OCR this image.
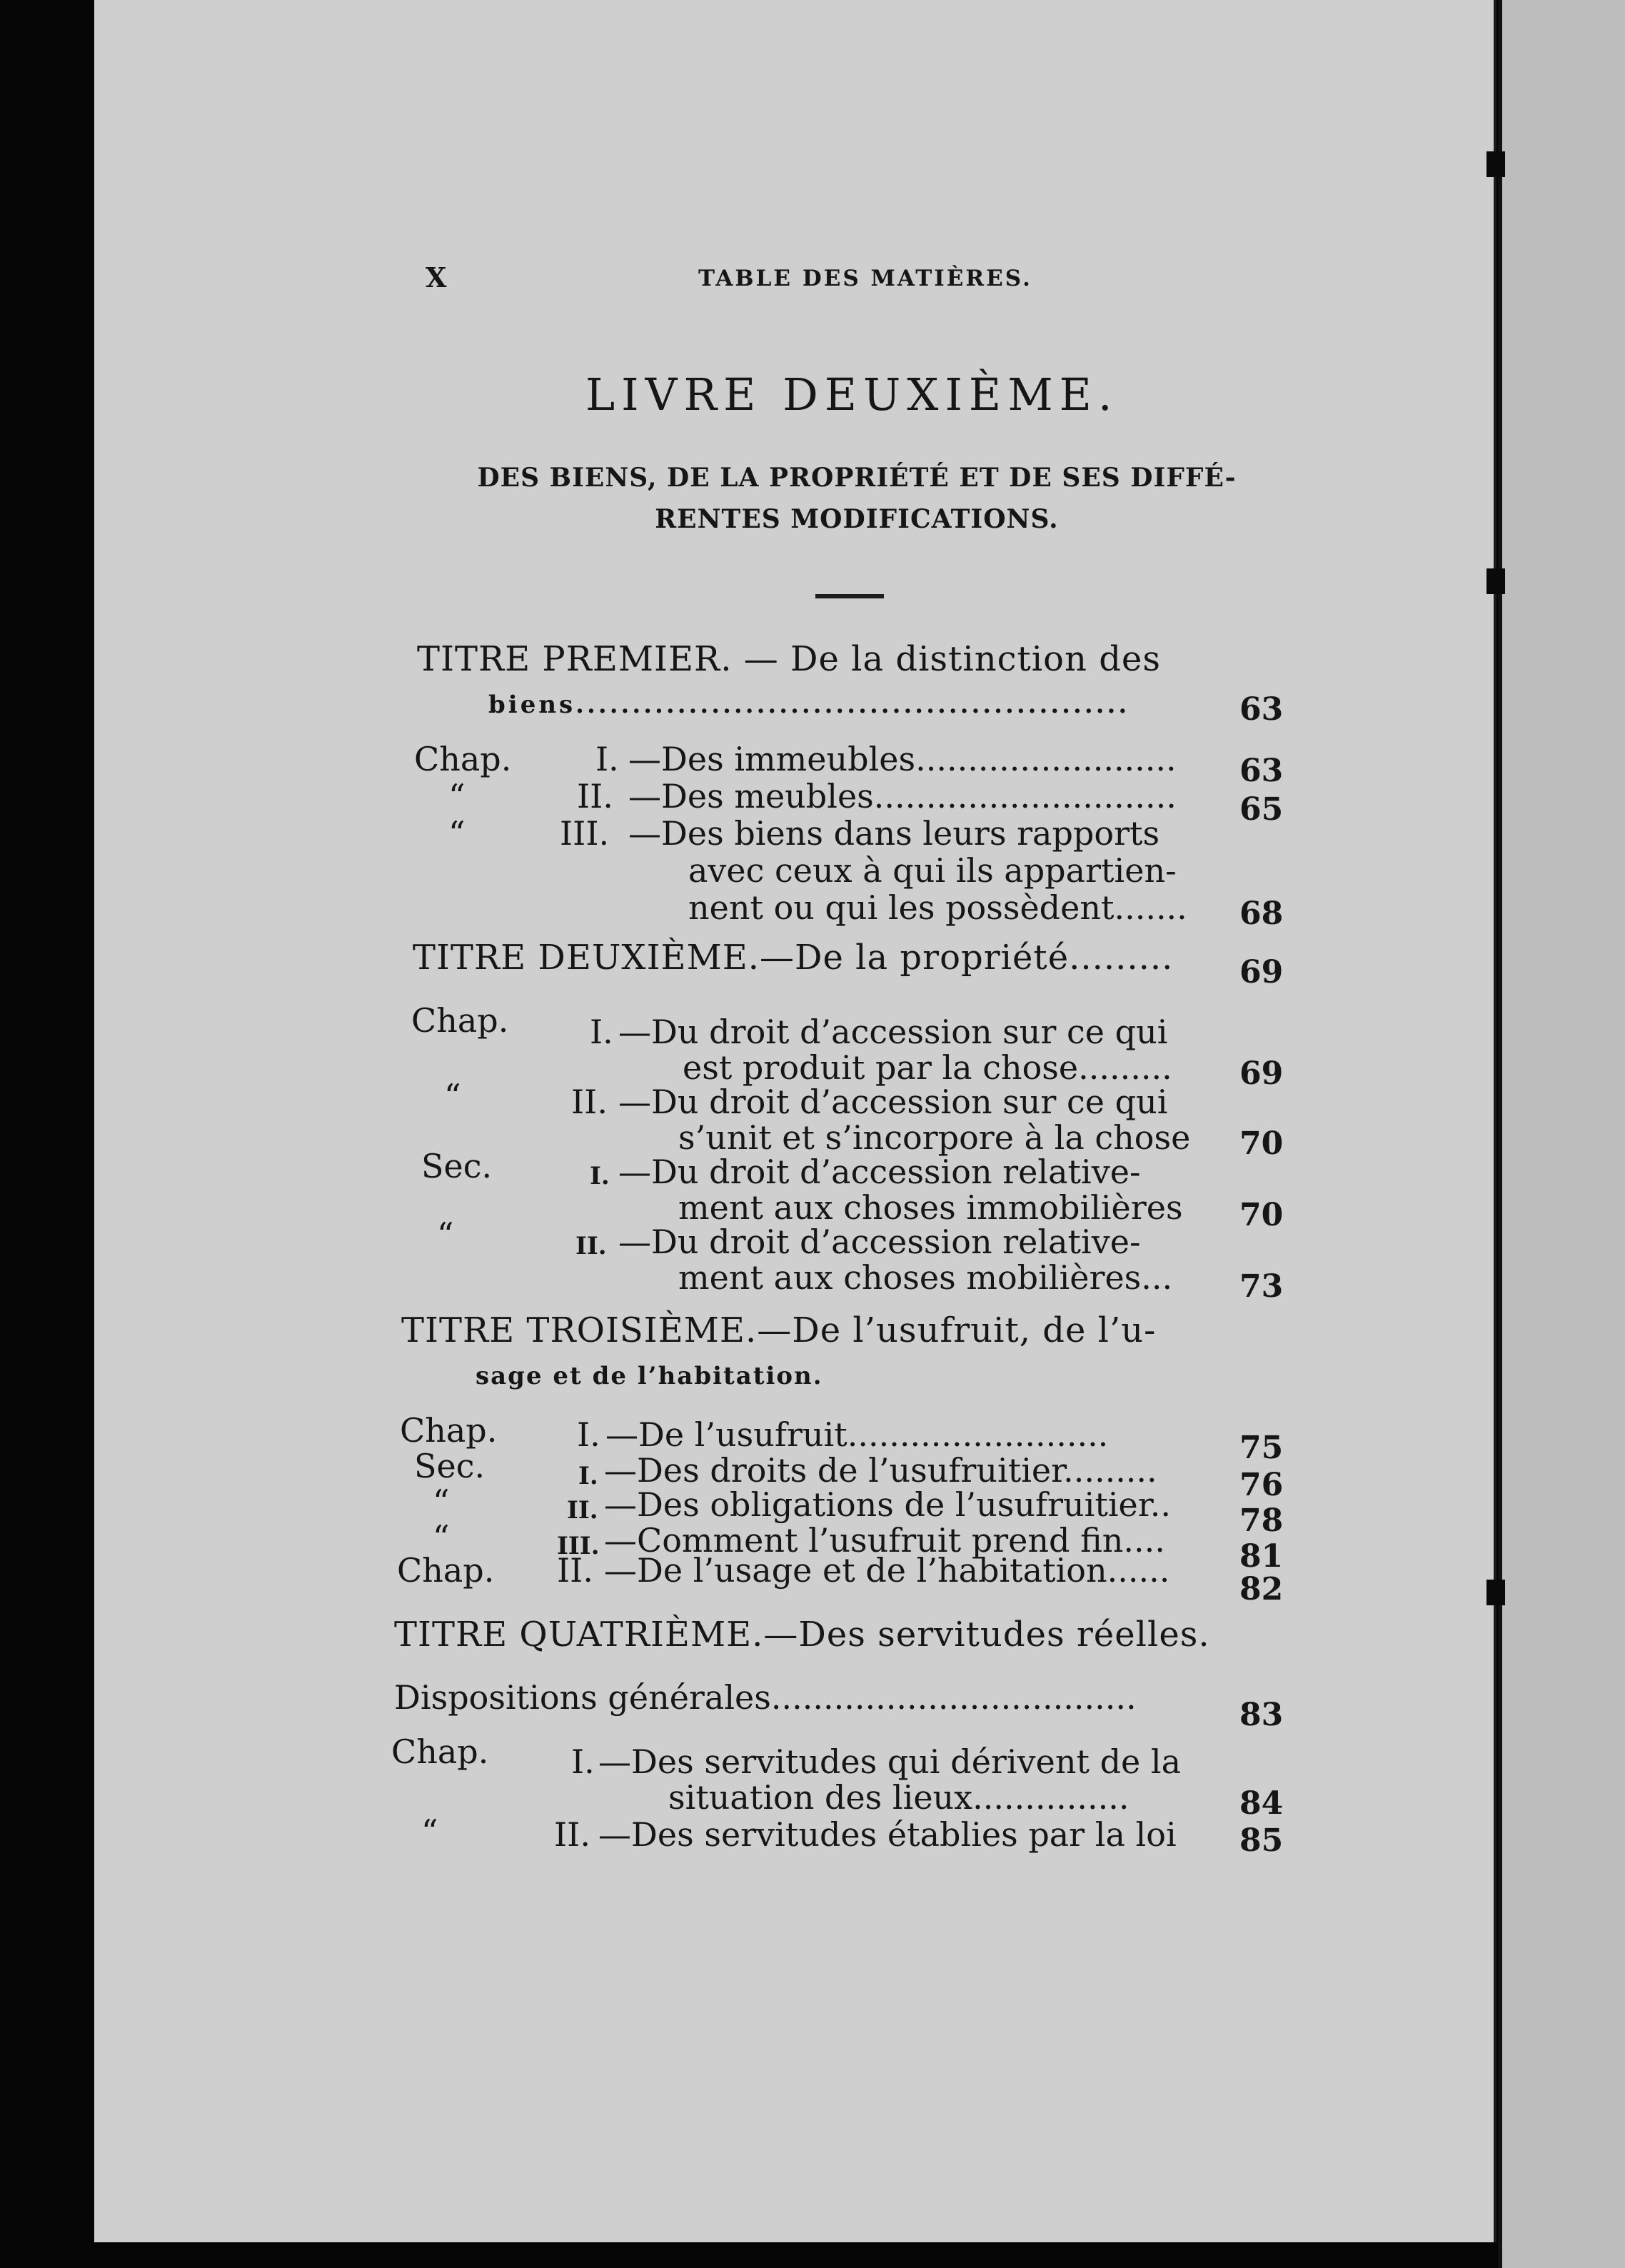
X	TABLE DES MATIÈRES.
LIVRE DEUXIÈME.
DES BIENS, DE LA PROPRIÉTÉ ET DE SES DIFFÉ-
RENTES MODIFICATIONS.
TITRE PREMIER. — De la distinction des
biens.................................................	63
Chap.	I. —Des immeubles......................... 63
“	II. —Des meubles............................. 65
“	III. —Des biens dans leurs rapports
avec ceux à qui ils appartien-
nent ou qui les possèdent....... 68
TITRE DEUXIÈME.—De la propriété......... 69
Chap. I. —Du droit d’accession sur ce qui
est produit par la chose......... 69
“	II. —Du droit d’accession sur ce qui
s’unit et s’incorpore à la chose 70
Sec.	I. —Du droit d’accession relative-
ment aux choses immobilières 70
“	II. —Du droit d’accession relative-
ment aux choses mobilières... 73
TITRE TROISIÈME.—De l’usufruit, de l’u-
sage et de l’habitation.
Chap. I. —De l’usufruit.........................	75
Sec.	I. —Des droits de l’usufruitier.........	76
“	II. —Des obligations de l’usufruitier.. 78
“	III. —Comment l’usufruit prend fin.... 81
Chap. II. —De l’usage et de l’habitation...... 82
TITRE QUATRIÈME.—Des servitudes réelles.
Dispositions générales...................................	83
Chap.	I. —Des servitudes qui dérivent de la
situation des lieux...............	84
“	II. —Des servitudes établies par la loi 85
